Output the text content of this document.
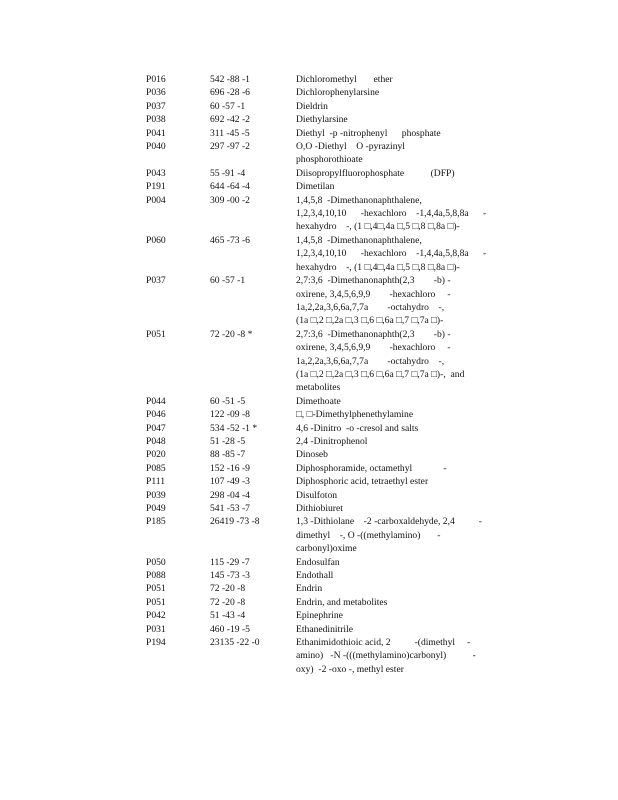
P016	542 -88 -1	Dichloromethyl       ether
P036	696 -28 -6	Dichlorophenylarsine
P037	60 -57 -1	Dieldrin
P038	692 -42 -2	Diethylarsine
P041	311 -45 -5	Diethyl  -p -nitrophenyl      phosphate
P040	297 -97 -2	O,O -Diethyl    O -pyrazinyl
phosphorothioate
P043	55 -91 -4	Diisopropylfluorophosphate           (DFP)
P191	644 -64 -4	Dimetilan
P004	309 -00 -2	1,4,5,8  -Dimethanonaphthalene,
1,2,3,4,10,10      -hexachloro    -1,4,4a,5,8,8a      -
hexahydro    -, (1 □,4□,4a □,5 □,8 □,8a □)-
P060	465 -73 -6	1,4,5,8  -Dimethanonaphthalene,
1,2,3,4,10,10      -hexachloro    -1,4,4a,5,8,8a      -
hexahydro    -, (1 □,4□,4a □,5 □,8 □,8a □)-
P037	60 -57 -1	2,7:3,6  -Dimethanonaphth(2,3        -b) -
oxirene, 3,4,5,6,9,9        -hexachloro     -
1a,2,2a,3,6,6a,7,7a        -octahydro    -,
(1a □,2 □,2a □,3 □,6 □,6a □,7 □,7a □)-
P051	72 -20 -8 *	2,7:3,6  -Dimethanonaphth(2,3        -b) -
oxirene, 3,4,5,6,9,9        -hexachloro     -
1a,2,2a,3,6,6a,7,7a        -octahydro    -,
(1a □,2 □,2a □,3 □,6 □,6a □,7 □,7a □)-,  and
metabolites
P044	60 -51 -5	Dimethoate
P046	122 -09 -8	□, □-Dimethylphenethylamine
P047	534 -52 -1 *	4,6 -Dinitro  -o -cresol and salts
P048	51 -28 -5	2,4 -Dinitrophenol
P020	88 -85 -7	Dinoseb
P085	152 -16 -9	Diphosphoramide, octamethyl             -
P111	107 -49 -3	Diphosphoric acid, tetraethyl ester
P039	298 -04 -4	Disulfoton
P049	541 -53 -7	Dithiobiuret
P185	26419 -73 -8	1,3 -Dithiolane    -2 -carboxaldehyde, 2,4          -
dimethyl    -, O -((methylamino)       -
carbonyl)oxime
P050	115 -29 -7	Endosulfan
P088	145 -73 -3	Endothall
P051	72 -20 -8	Endrin
P051	72 -20 -8	Endrin, and metabolites
P042	51 -43 -4	Epinephrine
P031	460 -19 -5	Ethanedinitrile
P194	23135 -22 -0	Ethanimidothioic acid, 2          -(dimethyl     -
amino)   -N -(((methylamino)carbonyl)           -
oxy)  -2 -oxo -, methyl ester
